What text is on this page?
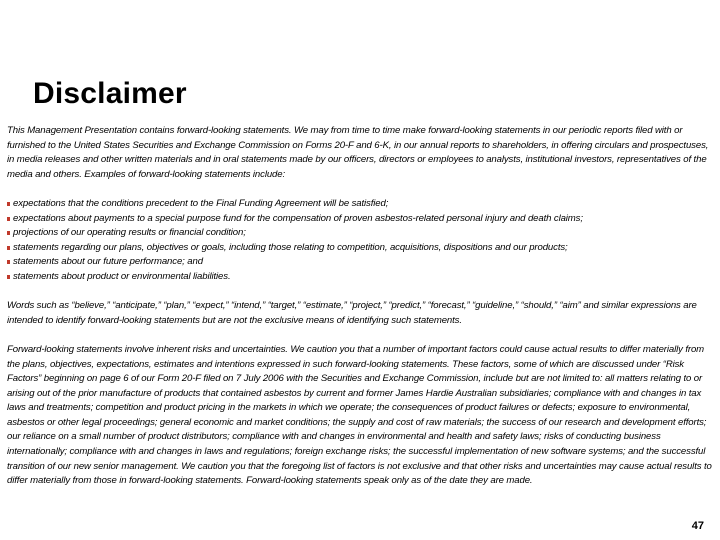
Disclaimer

This Management Presentation contains forward-looking statements. We may from time to time make forward-looking statements in our periodic reports filed with or furnished to the United States Securities and Exchange Commission on Forms 20-F and 6-K, in our annual reports to shareholders, in offering circulars and prospectuses, in media releases and other written materials and in oral statements made by our officers, directors or employees to analysts, institutional investors, representatives of the media and others. Examples of forward-looking statements include:

expectations that the conditions precedent to the Final Funding Agreement will be satisfied;
expectations about payments to a special purpose fund for the compensation of proven asbestos-related personal injury and death claims;
projections of our operating results or financial condition;
statements regarding our plans, objectives or goals, including those relating to competition, acquisitions, dispositions and our products;
statements about our future performance; and
statements about product or environmental liabilities.

Words such as “believe,” “anticipate,” “plan,” “expect,” “intend,” “target,” “estimate,” “project,” “predict,” “forecast,” “guideline,” “should,” “aim” and similar expressions are intended to identify forward-looking statements but are not the exclusive means of identifying such statements.

Forward-looking statements involve inherent risks and uncertainties. We caution you that a number of important factors could cause actual results to differ materially from the plans, objectives, expectations, estimates and intentions expressed in such forward-looking statements. These factors, some of which are discussed under “Risk Factors” beginning on page 6 of our Form 20-F filed on 7 July 2006 with the Securities and Exchange Commission, include but are not limited to: all matters relating to or arising out of the prior manufacture of products that contained asbestos by current and former James Hardie Australian subsidiaries; compliance with and changes in tax laws and treatments; competition and product pricing in the markets in which we operate; the consequences of product failures or defects; exposure to environmental, asbestos or other legal proceedings; general economic and market conditions; the supply and cost of raw materials; the success of our research and development efforts; our reliance on a small number of product distributors; compliance with and changes in environmental and health and safety laws; risks of conducting business internationally; compliance with and changes in laws and regulations; foreign exchange risks; the successful implementation of new software systems; and the successful transition of our new senior management. We caution you that the foregoing list of factors is not exclusive and that other risks and uncertainties may cause actual results to differ materially from those in forward-looking statements. Forward-looking statements speak only as of the date they are made.

47
